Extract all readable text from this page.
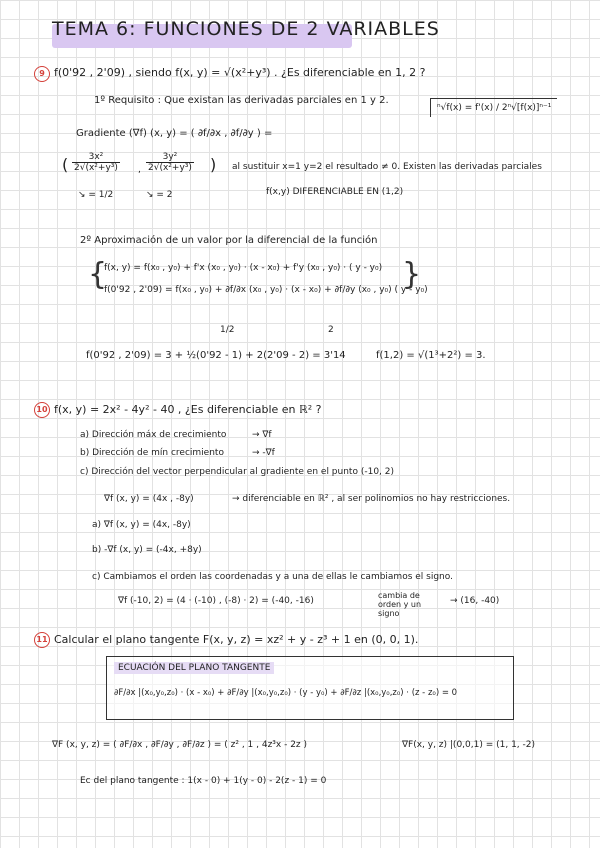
TEMA 6: FUNCIONES DE 2 VARIABLES
9 f(0'92 , 2'09) , siendo f(x, y) = √(x²+y³) . ¿Es diferenciable en 1, 2 ?
1º Requisito : Que existan las derivadas parciales en 1 y 2.
ⁿ√f(x) = f'(x) / 2ⁿ√[f(x)]ⁿ⁻¹
Gradiente (∇f) (x, y) = ( ∂f/∂x , ∂f/∂y ) =
( $\frac{\text{3x²}}{\text{2√(x²+y³)}}$ , $\frac{\text{3y²}}{\text{2√(x²+y³)}}$ ) al sustituir x=1 y=2 el resultado ≠ 0. Existen las derivadas parciales
↘ = 1/2	↘ = 2	f(x,y) DIFERENCIABLE EN (1,2)
2º Aproximación de un valor por la diferencial de la función
{
f(x, y) = f(x₀ , y₀) + f'x (x₀ , y₀) · (x - x₀) + f'y (x₀ , y₀) · ( y - y₀)
f(0'92 , 2'09) = f(x₀ , y₀) + ∂f/∂x (x₀ , y₀) · (x - x₀) + ∂f/∂y (x₀ , y₀) ( y - y₀)
}
1/2	2
f(0'92 , 2'09) = 3 + ½(0'92 - 1) + 2(2'09 - 2) = 3'14	f(1,2) = √(1³+2²) = 3.
10 f(x, y) = 2x² - 4y² - 40 , ¿Es diferenciable en ℝ² ?
a) Dirección máx de crecimiento	→ ∇f
b) Dirección de mín crecimiento	→ -∇f
c) Dirección del vector perpendicular al gradiente en el punto (-10, 2)
∇f (x, y) = (4x , -8y)	→ diferenciable en ℝ² , al ser polinomios no hay restricciones.
a) ∇f (x, y) = (4x, -8y)
b) -∇f (x, y) = (-4x, +8y)
c) Cambiamos el orden las coordenadas y a una de ellas le cambiamos el signo.
∇f (-10, 2) = (4 · (-10) , (-8) · 2) = (-40, -16)
cambia de orden y un signo
→ (16, -40)
11 Calcular el plano tangente F(x, y, z) = xz² + y - z³ + 1 en (0, 0, 1).
ECUACIÓN DEL PLANO TANGENTE
∂F/∂x |(x₀,y₀,z₀) · (x - x₀) + ∂F/∂y |(x₀,y₀,z₀) · (y - y₀) + ∂F/∂z |(x₀,y₀,z₀) · (z - z₀) = 0
∇F (x, y, z) = ( ∂F/∂x , ∂F/∂y , ∂F/∂z ) = ( z² , 1 , 4z³x - 2z )	∇F(x, y, z) |(0,0,1) = (1, 1, -2)
Ec del plano tangente : 1(x - 0) + 1(y - 0) - 2(z - 1) = 0
